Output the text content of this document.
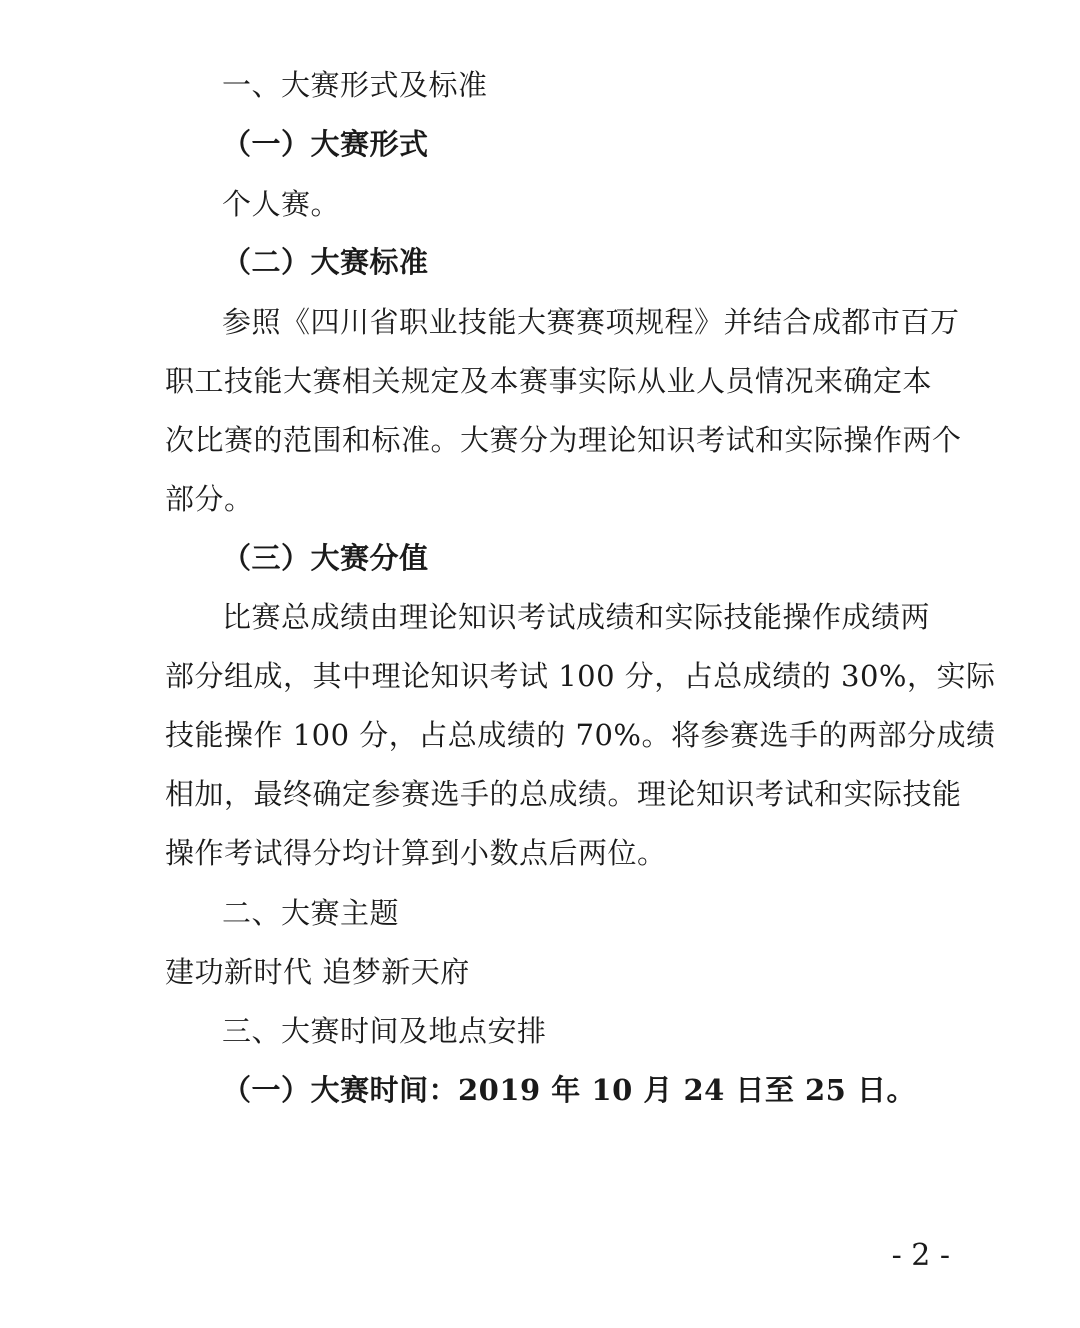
一、大赛形式及标准
（一）大赛形式
个人赛。
（二）大赛标准
参照《四川省职业技能大赛赛项规程》并结合成都市百万
职工技能大赛相关规定及本赛事实际从业人员情况来确定本
次比赛的范围和标准。大赛分为理论知识考试和实际操作两个
部分。
（三）大赛分值
比赛总成绩由理论知识考试成绩和实际技能操作成绩两
部分组成，其中理论知识考试 100 分，占总成绩的 30%，实际
技能操作 100 分，占总成绩的 70%。将参赛选手的两部分成绩
相加，最终确定参赛选手的总成绩。理论知识考试和实际技能
操作考试得分均计算到小数点后两位。
二、大赛主题
建功新时代 追梦新天府
三、大赛时间及地点安排
（一）大赛时间：2019 年 10 月 24 日至 25 日。
- 2 -
